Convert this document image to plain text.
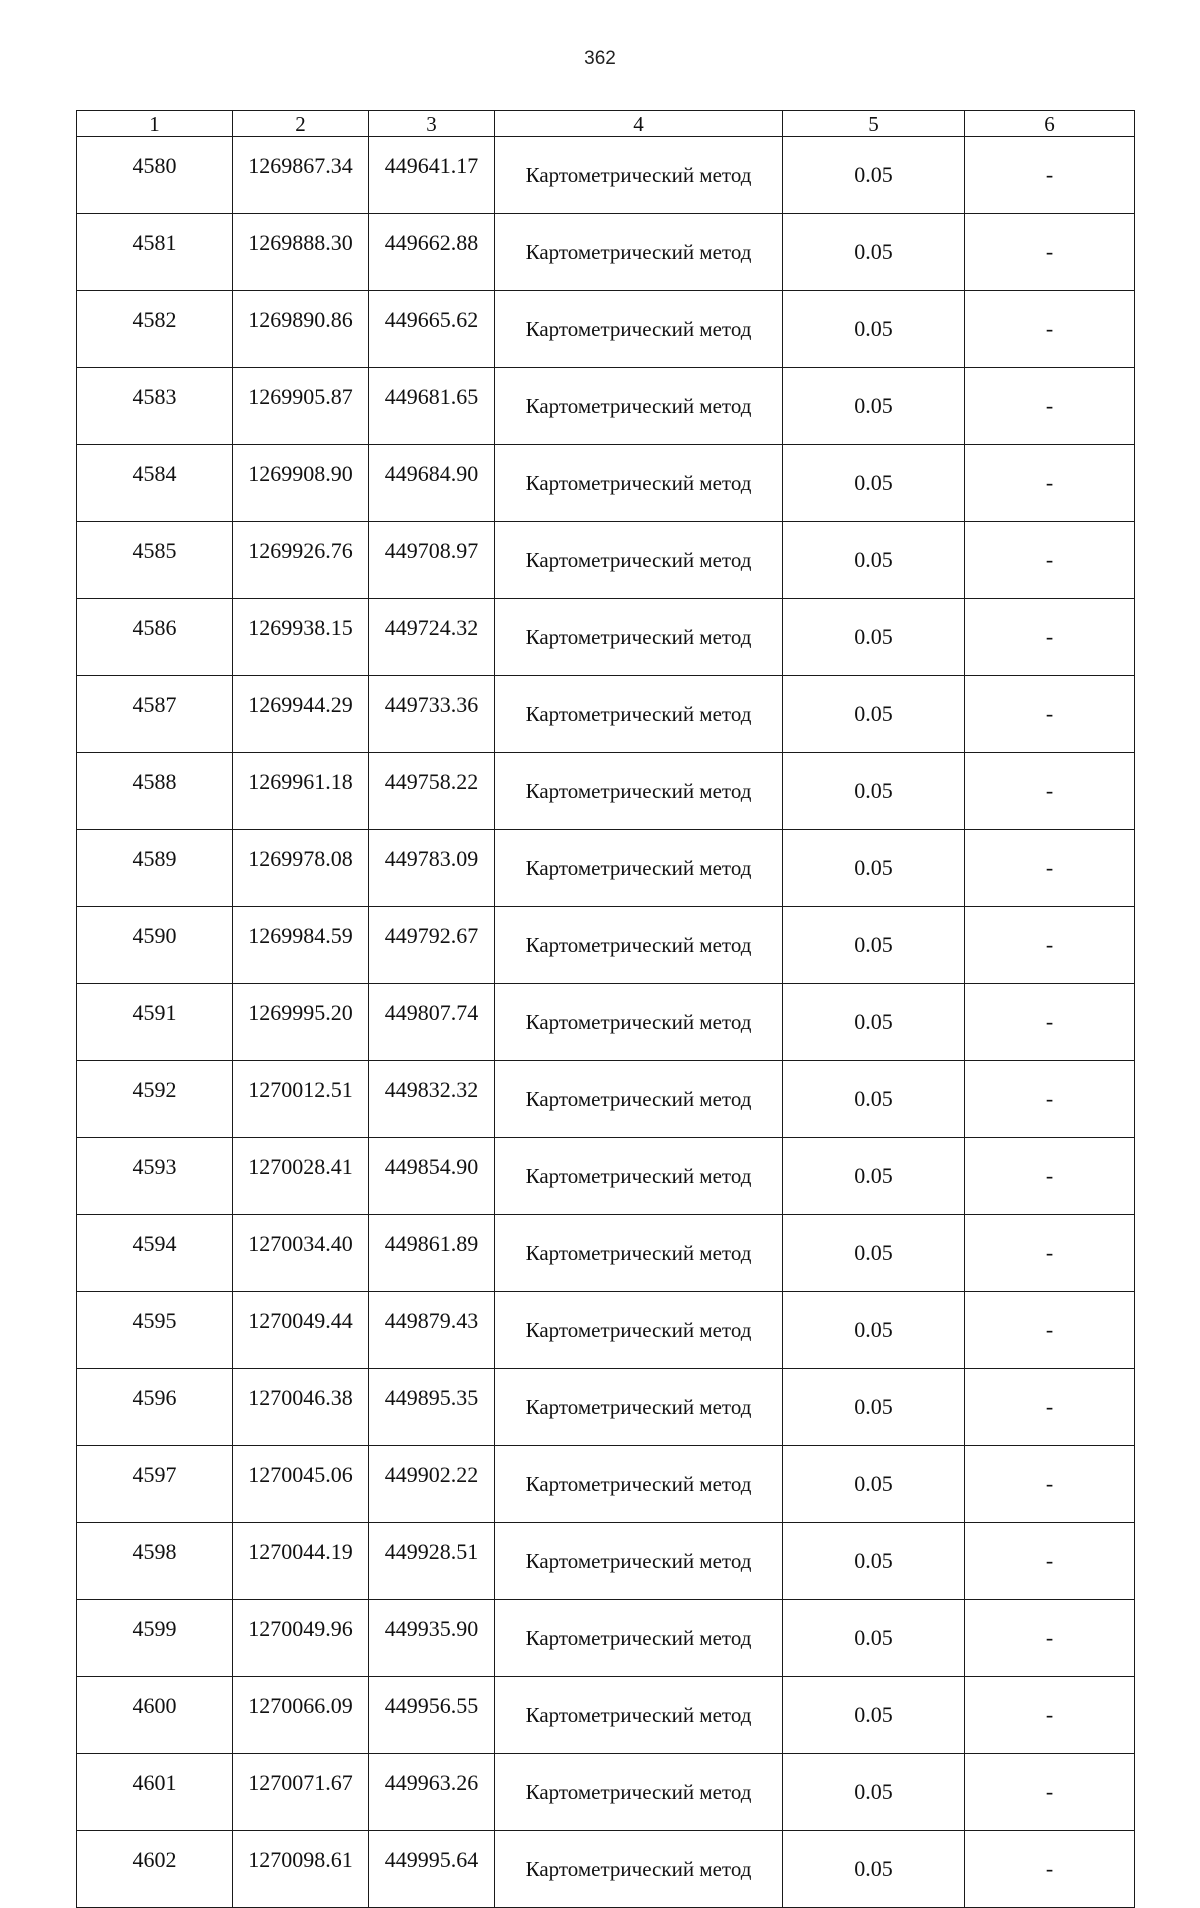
362
1	2	3	4	5	6
4580	1269867.34	449641.17	Картометрический метод	0.05	-
4581	1269888.30	449662.88	Картометрический метод	0.05	-
4582	1269890.86	449665.62	Картометрический метод	0.05	-
4583	1269905.87	449681.65	Картометрический метод	0.05	-
4584	1269908.90	449684.90	Картометрический метод	0.05	-
4585	1269926.76	449708.97	Картометрический метод	0.05	-
4586	1269938.15	449724.32	Картометрический метод	0.05	-
4587	1269944.29	449733.36	Картометрический метод	0.05	-
4588	1269961.18	449758.22	Картометрический метод	0.05	-
4589	1269978.08	449783.09	Картометрический метод	0.05	-
4590	1269984.59	449792.67	Картометрический метод	0.05	-
4591	1269995.20	449807.74	Картометрический метод	0.05	-
4592	1270012.51	449832.32	Картометрический метод	0.05	-
4593	1270028.41	449854.90	Картометрический метод	0.05	-
4594	1270034.40	449861.89	Картометрический метод	0.05	-
4595	1270049.44	449879.43	Картометрический метод	0.05	-
4596	1270046.38	449895.35	Картометрический метод	0.05	-
4597	1270045.06	449902.22	Картометрический метод	0.05	-
4598	1270044.19	449928.51	Картометрический метод	0.05	-
4599	1270049.96	449935.90	Картометрический метод	0.05	-
4600	1270066.09	449956.55	Картометрический метод	0.05	-
4601	1270071.67	449963.26	Картометрический метод	0.05	-
4602	1270098.61	449995.64	Картометрический метод	0.05	-
